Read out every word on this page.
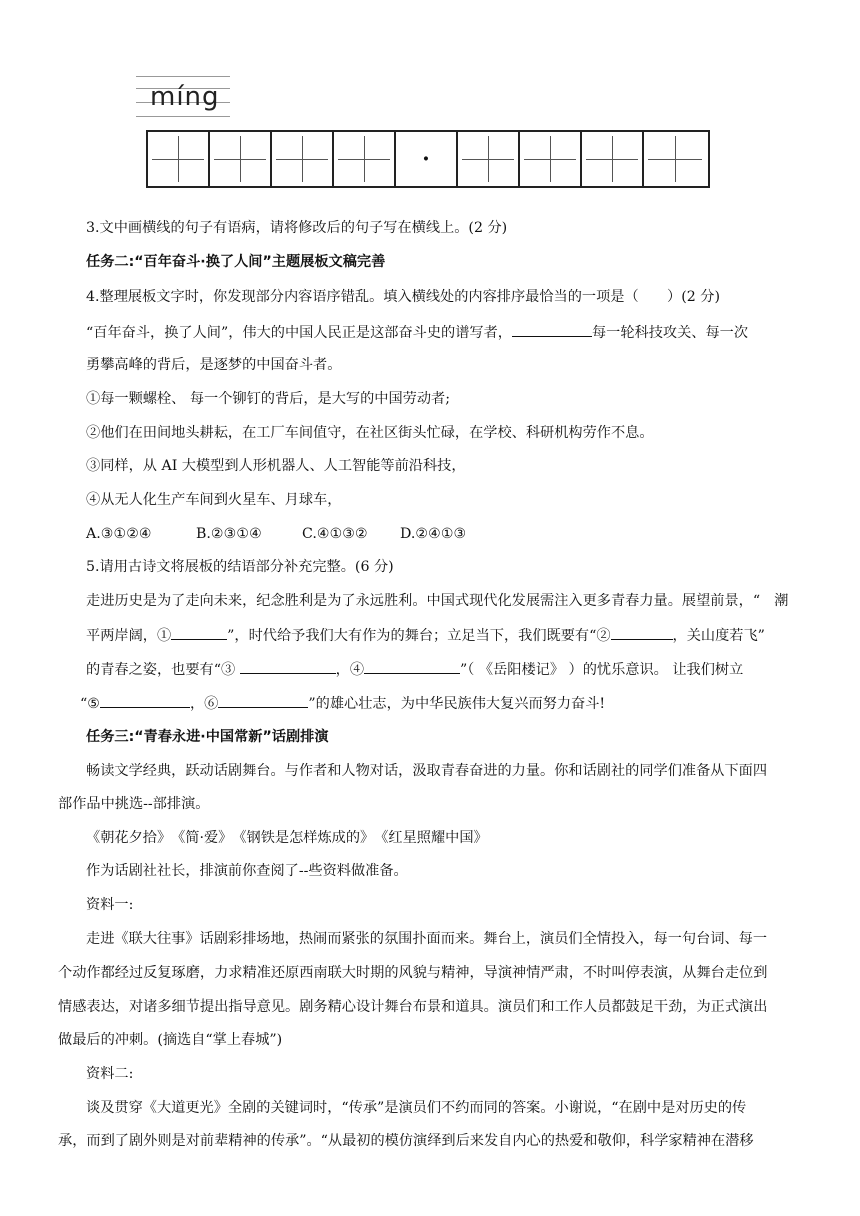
míng
·
3.文中画横线的句子有语病，请将修改后的句子写在横线上。(2 分)
任务二:“百年奋斗·换了人间”主题展板文稿完善
4.整理展板文字时，你发现部分内容语序错乱。填入横线处的内容排序最恰当的一项是（　　）(2 分)
“百年奋斗，换了人间”，伟大的中国人民正是这部奋斗史的谱写者，	每一轮科技攻关、每一次
勇攀高峰的背后，是逐梦的中国奋斗者。
①每一颗螺栓、 每一个铆钉的背后，是大写的中国劳动者;
②他们在田间地头耕耘，在工厂车间值守，在社区街头忙碌，在学校、科研机构劳作不息。
③同样，从 AI 大模型到人形机器人、人工智能等前沿科技，
④从无人化生产车间到火星车、月球车，
A.③①②④	B.②③①④	C.④①③② D.②④①③
5.请用古诗文将展板的结语部分补充完整。(6 分)
走进历史是为了走向未来，纪念胜利是为了永远胜利。中国式现代化发展需注入更多青春力量。展望前景，“　潮
平两岸阔，①	”，时代给予我们大有作为的舞台；立足当下，我们既要有“②	，关山度若飞”
的青春之姿，也要有“③	，④	”（ 《岳阳楼记》 ）的忧乐意识。 让我们树立
“⑤	，⑥	”的雄心壮志，为中华民族伟大复兴而努力奋斗!
任务三:“青春永进·中国常新”话剧排演
畅读文学经典，跃动话剧舞台。与作者和人物对话，汲取青春奋进的力量。你和话剧社的同学们准备从下面四
部作品中挑选--部排演。
《朝花夕拾》　《简·爱》　《钢铁是怎样炼成的》　《红星照耀中国》
作为话剧社社长，排演前你查阅了--些资料做准备。
资料一:
走进《联大往事》话剧彩排场地，热闹而紧张的氛围扑面而来。舞台上，演员们全情投入，每一句台词、每一
个动作都经过反复琢磨，力求精准还原西南联大时期的风貌与精神，导演神情严肃，不时叫停表演，从舞台走位到
情感表达，对诸多细节提出指导意见。剧务精心设计舞台布景和道具。演员们和工作人员都鼓足干劲，为正式演出
做最后的冲刺。(摘选自“掌上春城”)
资料二:
谈及贯穿《大道更光》全剧的关键词时，“传承”是演员们不约而同的答案。小谢说，“在剧中是对历史的传
承，而到了剧外则是对前辈精神的传承”。“从最初的模仿演绎到后来发自内心的热爱和敬仰，科学家精神在潜移
